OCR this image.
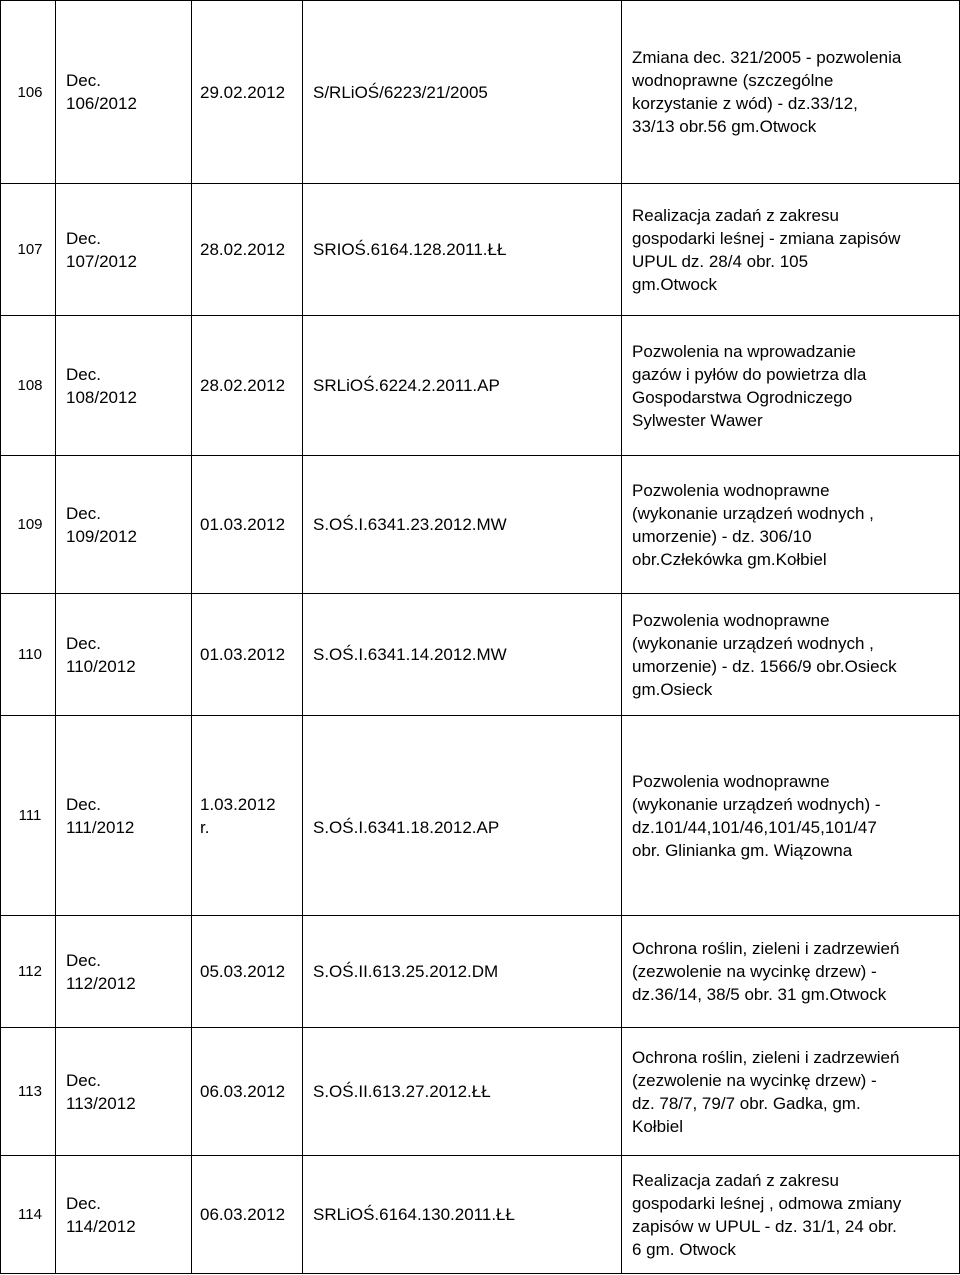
106	Dec.
106/2012	29.02.2012	S/RLiOŚ/6223/21/2005	Zmiana dec. 321/2005 - pozwolenia
wodnoprawne (szczególne
korzystanie z wód) - dz.33/12,
33/13 obr.56 gm.Otwock

107	Dec.
107/2012	28.02.2012	SRIOŚ.6164.128.2011.ŁŁ	Realizacja zadań z zakresu
gospodarki leśnej - zmiana zapisów
UPUL dz. 28/4 obr. 105
gm.Otwock

108	Dec.
108/2012	28.02.2012	SRLiOŚ.6224.2.2011.AP	Pozwolenia na wprowadzanie
gazów i pyłów do powietrza dla
Gospodarstwa Ogrodniczego
Sylwester Wawer

109	Dec.
109/2012	01.03.2012	S.OŚ.I.6341.23.2012.MW	Pozwolenia wodnoprawne
(wykonanie urządzeń wodnych ,
umorzenie) - dz. 306/10
obr.Człekówka gm.Kołbiel

110	Dec.
110/2012	01.03.2012	S.OŚ.I.6341.14.2012.MW	Pozwolenia wodnoprawne
(wykonanie urządzeń wodnych ,
umorzenie) - dz. 1566/9 obr.Osieck
gm.Osieck

111	Dec.
111/2012	1.03.2012
r.	S.OŚ.I.6341.18.2012.AP	Pozwolenia wodnoprawne
(wykonanie urządzeń wodnych) -
dz.101/44,101/46,101/45,101/47
obr. Glinianka gm. Wiązowna

112	Dec.
112/2012	05.03.2012	S.OŚ.II.613.25.2012.DM	Ochrona roślin, zieleni i zadrzewień
(zezwolenie na wycinkę drzew) -
dz.36/14, 38/5 obr. 31 gm.Otwock

113	Dec.
113/2012	06.03.2012	S.OŚ.II.613.27.2012.ŁŁ	Ochrona roślin, zieleni i zadrzewień
(zezwolenie na wycinkę drzew) -
dz. 78/7, 79/7 obr. Gadka, gm.
Kołbiel

114	Dec.
114/2012	06.03.2012	SRLiOŚ.6164.130.2011.ŁŁ	Realizacja zadań z zakresu
gospodarki leśnej , odmowa zmiany
zapisów w UPUL - dz. 31/1, 24 obr.
6 gm. Otwock
